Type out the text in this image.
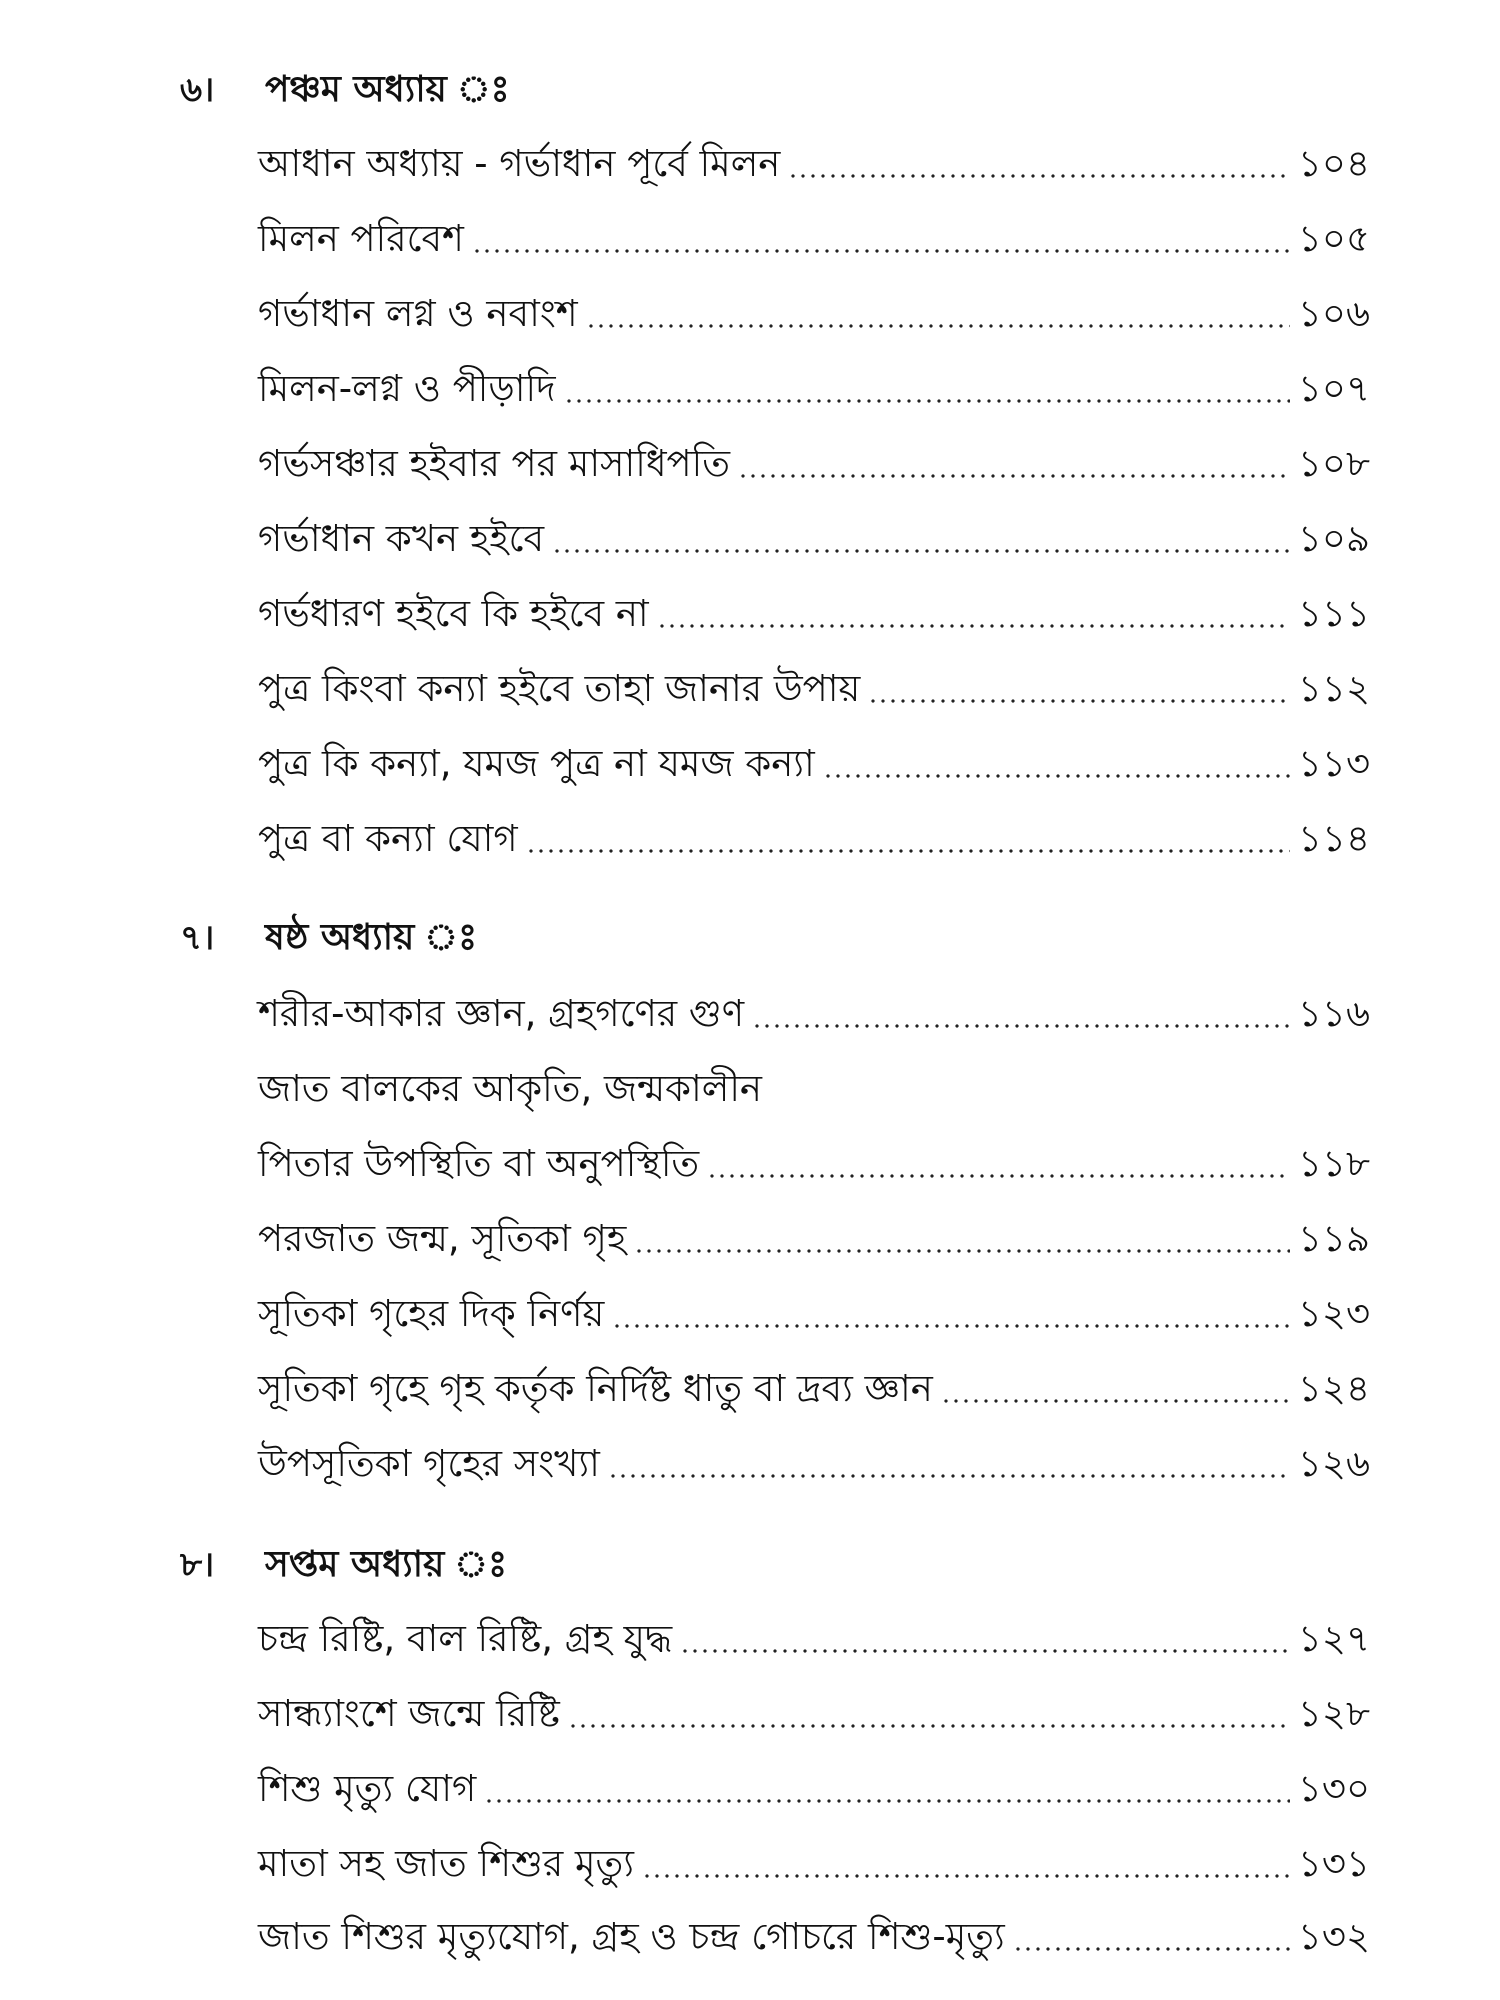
৬।	পঞ্চম অধ্যায় ঃ
আধান অধ্যায় - গর্ভাধান পূর্বে মিলন	১০৪
মিলন পরিবেশ	১০৫
গর্ভাধান লগ্ন ও নবাংশ	১০৬
মিলন-লগ্ন ও পীড়াদি	১০৭
গর্ভসঞ্চার হইবার পর মাসাধিপতি	১০৮
গর্ভাধান কখন হইবে	১০৯
গর্ভধারণ হইবে কি হইবে না	১১১
পুত্র কিংবা কন্যা হইবে তাহা জানার উপায়	১১২
পুত্র কি কন্যা, যমজ পুত্র না যমজ কন্যা	১১৩
পুত্র বা কন্যা যোগ	১১৪
৭।	ষষ্ঠ অধ্যায় ঃ
শরীর-আকার জ্ঞান, গ্রহগণের গুণ	১১৬
জাত বালকের আকৃতি, জন্মকালীন
পিতার উপস্থিতি বা অনুপস্থিতি	১১৮
পরজাত জন্ম, সূতিকা গৃহ	১১৯
সূতিকা গৃহের দিক্ নির্ণয়	১২৩
সূতিকা গৃহে গৃহ কর্তৃক নির্দিষ্ট ধাতু বা দ্রব্য জ্ঞান	১২৪
উপসূতিকা গৃহের সংখ্যা	১২৬
৮।	সপ্তম অধ্যায় ঃ
চন্দ্র রিষ্টি, বাল রিষ্টি, গ্রহ যুদ্ধ	১২৭
সান্ধ্যাংশে জন্মে রিষ্টি	১২৮
শিশু মৃত্যু যোগ	১৩০
মাতা সহ জাত শিশুর মৃত্যু	১৩১
জাত শিশুর মৃত্যুযোগ, গ্রহ ও চন্দ্র গোচরে শিশু-মৃত্যু	১৩২
